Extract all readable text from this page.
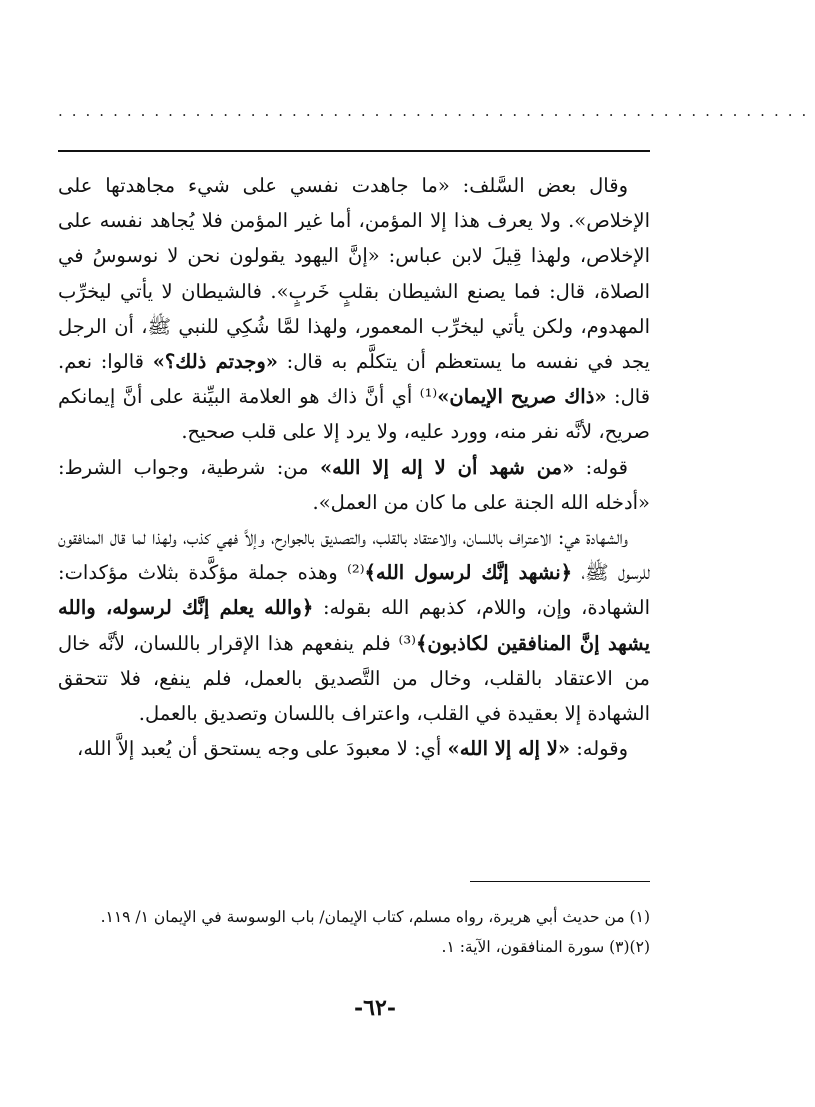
.......................................................

وقال بعض السَّلف: «ما جاهدت نفسي على شيء مجاهدتها على الإخلاص». ولا يعرف هذا إلا المؤمن، أما غير المؤمن فلا يُجاهد نفسه على الإخلاص، ولهذا قِيلَ لابن عباس: «إنَّ اليهود يقولون نحن لا نوسوسُ في الصلاة، قال: فما يصنع الشيطان بقلبٍ خَربٍ». فالشيطان لا يأتي ليخرِّب المهدوم، ولكن يأتي ليخرِّب المعمور، ولهذا لمَّا شُكِي للنبي ﷺ، أن الرجل يجد في نفسه ما يستعظم أن يتكلَّم به قال: «وجدتم ذلك؟» قالوا: نعم. قال: «ذاك صريح الإيمان»⁽¹⁾ أي أنَّ ذاك هو العلامة البيِّنة على أنَّ إيمانكم صريح، لأنَّه نفر منه، وورد عليه، ولا يرد إلا على قلب صحيح.

قوله: «من شهد أن لا إله إلا الله» من: شرطية، وجواب الشرط: «أدخله الله الجنة على ما كان من العمل».

والشهادة هي: الاعتراف باللسان، والاعتقاد بالقلب، والتصديق بالجوارح، وإلاَّ فهي كذب، ولهذا لما قال المنافقون للرسول ﷺ، ﴿نشهد إنَّك لرسول الله﴾⁽²⁾ وهذه جملة مؤكَّدة بثلاث مؤكدات: الشهادة، وإن، واللام، كذبهم الله بقوله: ﴿والله يعلم إنَّك لرسوله، والله يشهد إنَّ المنافقين لكاذبون﴾⁽³⁾ فلم ينفعهم هذا الإقرار باللسان، لأنَّه خال من الاعتقاد بالقلب، وخال من التَّصديق بالعمل، فلم ينفع، فلا تتحقق الشهادة إلا بعقيدة في القلب، واعتراف باللسان وتصديق بالعمل.

وقوله: «لا إله إلا الله» أي: لا معبودَ على وجه يستحق أن يُعبد إلاَّ الله،

(١) من حديث أبي هريرة، رواه مسلم، كتاب الإيمان/ باب الوسوسة في الإيمان ١/ ١١٩.
(٢)(٣) سورة المنافقون، الآية: ١.
-٦٢-
